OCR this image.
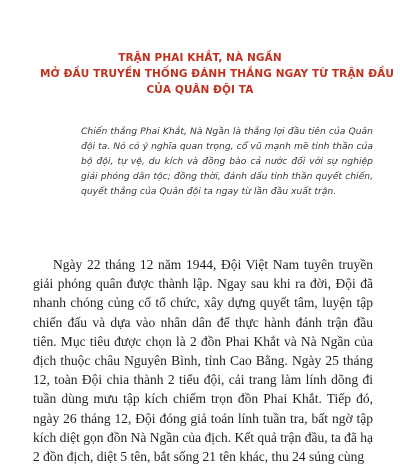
TRẬN PHAI KHẮT, NÀ NGẦN
MỞ ĐẦU TRUYỀN THỐNG ĐÁNH THẮNG NGAY TỪ TRẬN ĐẦU
CỦA QUÂN ĐỘI TA

Chiến thắng Phai Khắt, Nà Ngần là thắng lợi đầu tiên của Quân đội ta. Nó có ý nghĩa quan trọng, cổ vũ mạnh mẽ tinh thần của bộ đội, tự vệ, du kích và đồng bào cả nước đối với sự nghiệp giải phóng dân tộc; đồng thời, đánh dấu tinh thần quyết chiến, quyết thắng của Quân đội ta ngay từ lần đầu xuất trận.

Ngày 22 tháng 12 năm 1944, Đội Việt Nam tuyên truyền giải phóng quân được thành lập. Ngay sau khi ra đời, Đội đã nhanh chóng củng cố tổ chức, xây dựng quyết tâm, luyện tập chiến đấu và dựa vào nhân dân để thực hành đánh trận đầu tiên. Mục tiêu được chọn là 2 đồn Phai Khắt và Nà Ngần của địch thuộc châu Nguyên Bình, tỉnh Cao Bằng. Ngày 25 tháng 12, toàn Đội chia thành 2 tiểu đội, cải trang làm lính dõng đi tuần dùng mưu tập kích chiếm trọn đồn Phai Khắt. Tiếp đó, ngày 26 tháng 12, Đội đóng giả toán lính tuần tra, bất ngờ tập kích diệt gọn đồn Nà Ngần của địch. Kết quả trận đầu, ta đã hạ 2 đồn địch, diệt 5 tên, bắt sống 21 tên khác, thu 24 súng cùng
